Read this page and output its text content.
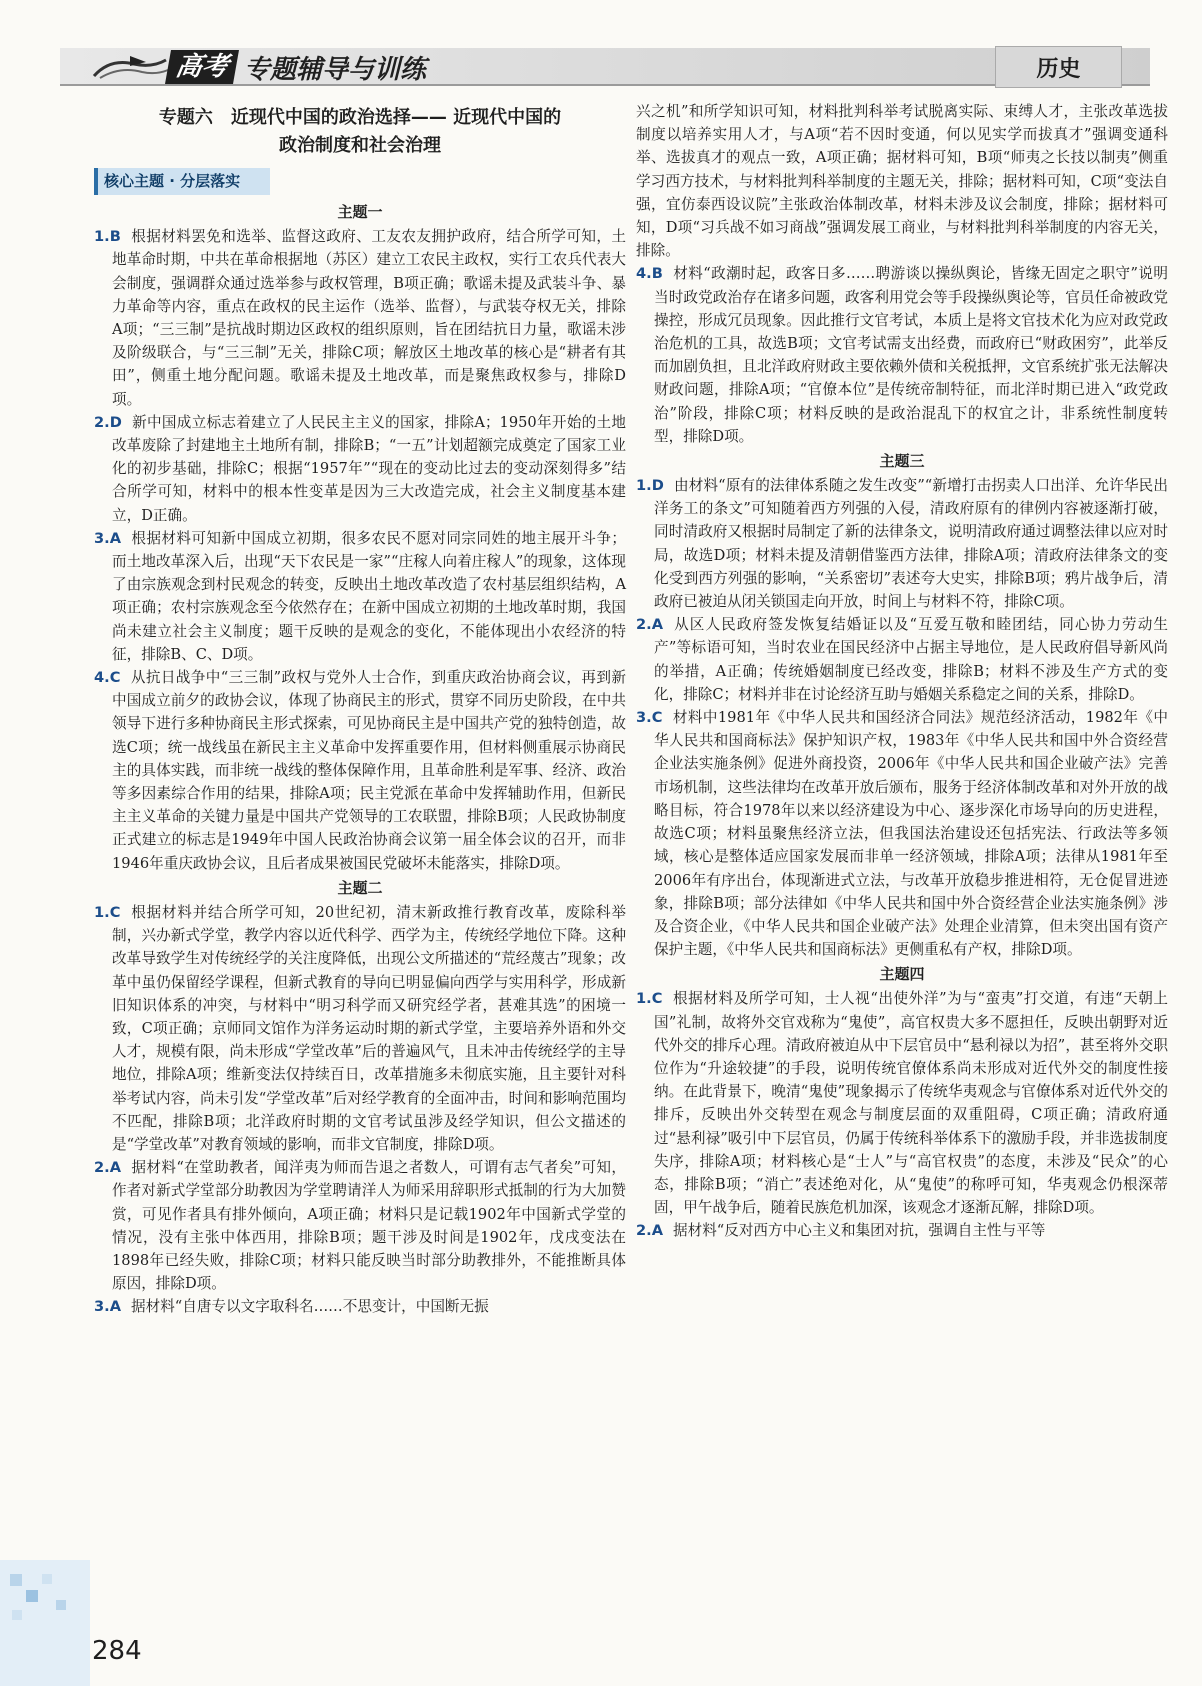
高考 专题辅导与训练	历史
专题六　近现代中国的政治选择—— 近现代中国的
政治制度和社会治理
核心主题 · 分层落实
主题一

1.B 根据材料罢免和选举、监督这政府、工友农友拥护政府，结合所学可知，土地革命时期，中共在革命根据地（苏区）建立工农民主政权，实行工农兵代表大会制度，强调群众通过选举参与政权管理，B项正确；歌谣未提及武装斗争、暴力革命等内容，重点在政权的民主运作（选举、监督），与武装夺权无关，排除A项；“三三制”是抗战时期边区政权的组织原则，旨在团结抗日力量，歌谣未涉及阶级联合，与“三三制”无关，排除C项；解放区土地改革的核心是“耕者有其田”，侧重土地分配问题。歌谣未提及土地改革，而是聚焦政权参与，排除D项。

2.D 新中国成立标志着建立了人民民主主义的国家，排除A；1950年开始的土地改革废除了封建地主土地所有制，排除B；“一五”计划超额完成奠定了国家工业化的初步基础，排除C；根据“1957年”“现在的变动比过去的变动深刻得多”结合所学可知，材料中的根本性变革是因为三大改造完成，社会主义制度基本建立，D正确。

3.A 根据材料可知新中国成立初期，很多农民不愿对同宗同姓的地主展开斗争；而土地改革深入后，出现“天下农民是一家”“庄稼人向着庄稼人”的现象，这体现了由宗族观念到村民观念的转变，反映出土地改革改造了农村基层组织结构，A项正确；农村宗族观念至今依然存在；在新中国成立初期的土地改革时期，我国尚未建立社会主义制度；题干反映的是观念的变化，不能体现出小农经济的特征，排除B、C、D项。

4.C 从抗日战争中“三三制”政权与党外人士合作，到重庆政治协商会议，再到新中国成立前夕的政协会议，体现了协商民主的形式，贯穿不同历史阶段，在中共领导下进行多种协商民主形式探索，可见协商民主是中国共产党的独特创造，故选C项；统一战线虽在新民主主义革命中发挥重要作用，但材料侧重展示协商民主的具体实践，而非统一战线的整体保障作用，且革命胜利是军事、经济、政治等多因素综合作用的结果，排除A项；民主党派在革命中发挥辅助作用，但新民主主义革命的关键力量是中国共产党领导的工农联盟，排除B项；人民政协制度正式建立的标志是1949年中国人民政治协商会议第一届全体会议的召开，而非1946年重庆政协会议，且后者成果被国民党破坏未能落实，排除D项。

主题二

1.C 根据材料并结合所学可知，20世纪初，清末新政推行教育改革，废除科举制，兴办新式学堂，教学内容以近代科学、西学为主，传统经学地位下降。这种改革导致学生对传统经学的关注度降低，出现公文所描述的“荒经蔑古”现象；改革中虽仍保留经学课程，但新式教育的导向已明显偏向西学与实用科学，形成新旧知识体系的冲突，与材料中“明习科学而又研究经学者，甚难其选”的困境一致，C项正确；京师同文馆作为洋务运动时期的新式学堂，主要培养外语和外交人才，规模有限，尚未形成“学堂改革”后的普遍风气，且未冲击传统经学的主导地位，排除A项；维新变法仅持续百日，改革措施多未彻底实施，且主要针对科举考试内容，尚未引发“学堂改革”后对经学教育的全面冲击，时间和影响范围均不匹配，排除B项；北洋政府时期的文官考试虽涉及经学知识，但公文描述的是“学堂改革”对教育领域的影响，而非文官制度，排除D项。

2.A 据材料“在堂助教者，闻洋夷为师而告退之者数人，可谓有志气者矣”可知，作者对新式学堂部分助教因为学堂聘请洋人为师采用辞职形式抵制的行为大加赞赏，可见作者具有排外倾向，A项正确；材料只是记载1902年中国新式学堂的情况，没有主张中体西用，排除B项；题干涉及时间是1902年，戊戌变法在1898年已经失败，排除C项；材料只能反映当时部分助教排外，不能推断具体原因，排除D项。

3.A 据材料“自唐专以文字取科名……不思变计，中国断无振

兴之机”和所学知识可知，材料批判科举考试脱离实际、束缚人才，主张改革选拔制度以培养实用人才，与A项“若不因时变通，何以见实学而拔真才”强调变通科举、选拔真才的观点一致，A项正确；据材料可知，B项“师夷之长技以制夷”侧重学习西方技术，与材料批判科举制度的主题无关，排除；据材料可知，C项“变法自强，宜仿泰西设议院”主张政治体制改革，材料未涉及议会制度，排除；据材料可知，D项“习兵战不如习商战”强调发展工商业，与材料批判科举制度的内容无关，排除。

4.B 材料“政潮时起，政客日多……聘游谈以操纵舆论，皆缘无固定之职守”说明当时政党政治存在诸多问题，政客利用党会等手段操纵舆论等，官员任命被政党操控，形成冗员现象。因此推行文官考试，本质上是将文官技术化为应对政党政治危机的工具，故选B项；文官考试需支出经费，而政府已“财政困穷”，此举反而加剧负担，且北洋政府财政主要依赖外债和关税抵押，文官系统扩张无法解决财政问题，排除A项；“官僚本位”是传统帝制特征，而北洋时期已进入“政党政治”阶段，排除C项；材料反映的是政治混乱下的权宜之计，非系统性制度转型，排除D项。

主题三

1.D 由材料“原有的法律体系随之发生改变”“新增打击拐卖人口出洋、允许华民出洋务工的条文”可知随着西方列强的入侵，清政府原有的律例内容被逐渐打破，同时清政府又根据时局制定了新的法律条文，说明清政府通过调整法律以应对时局，故选D项；材料未提及清朝借鉴西方法律，排除A项；清政府法律条文的变化受到西方列强的影响，“关系密切”表述夸大史实，排除B项；鸦片战争后，清政府已被迫从闭关锁国走向开放，时间上与材料不符，排除C项。

2.A 从区人民政府签发恢复结婚证以及“互爱互敬和睦团结，同心协力劳动生产”等标语可知，当时农业在国民经济中占据主导地位，是人民政府倡导新风尚的举措，A正确；传统婚姻制度已经改变，排除B；材料不涉及生产方式的变化，排除C；材料并非在讨论经济互助与婚姻关系稳定之间的关系，排除D。

3.C 材料中1981年《中华人民共和国经济合同法》规范经济活动，1982年《中华人民共和国商标法》保护知识产权，1983年《中华人民共和国中外合资经营企业法实施条例》促进外商投资，2006年《中华人民共和国企业破产法》完善市场机制，这些法律均在改革开放后颁布，服务于经济体制改革和对外开放的战略目标，符合1978年以来以经济建设为中心、逐步深化市场导向的历史进程，故选C项；材料虽聚焦经济立法，但我国法治建设还包括宪法、行政法等多领域，核心是整体适应国家发展而非单一经济领域，排除A项；法律从1981年至2006年有序出台，体现渐进式立法，与改革开放稳步推进相符，无仓促冒进迹象，排除B项；部分法律如《中华人民共和国中外合资经营企业法实施条例》涉及合资企业，《中华人民共和国企业破产法》处理企业清算，但未突出国有资产保护主题，《中华人民共和国商标法》更侧重私有产权，排除D项。

主题四

1.C 根据材料及所学可知，士人视“出使外洋”为与“蛮夷”打交道，有违“天朝上国”礼制，故将外交官戏称为“鬼使”，高官权贵大多不愿担任，反映出朝野对近代外交的排斥心理。清政府被迫从中下层官员中“悬利禄以为招”，甚至将外交职位作为“升途较捷”的手段，说明传统官僚体系尚未形成对近代外交的制度性接纳。在此背景下，晚清“鬼使”现象揭示了传统华夷观念与官僚体系对近代外交的排斥，反映出外交转型在观念与制度层面的双重阻碍，C项正确；清政府通过“悬利禄”吸引中下层官员，仍属于传统科举体系下的激励手段，并非选拔制度失序，排除A项；材料核心是“士人”与“高官权贵”的态度，未涉及“民众”的心态，排除B项；“消亡”表述绝对化，从“鬼使”的称呼可知，华夷观念仍根深蒂固，甲午战争后，随着民族危机加深，该观念才逐渐瓦解，排除D项。

2.A 据材料“反对西方中心主义和集团对抗，强调自主性与平等

284
